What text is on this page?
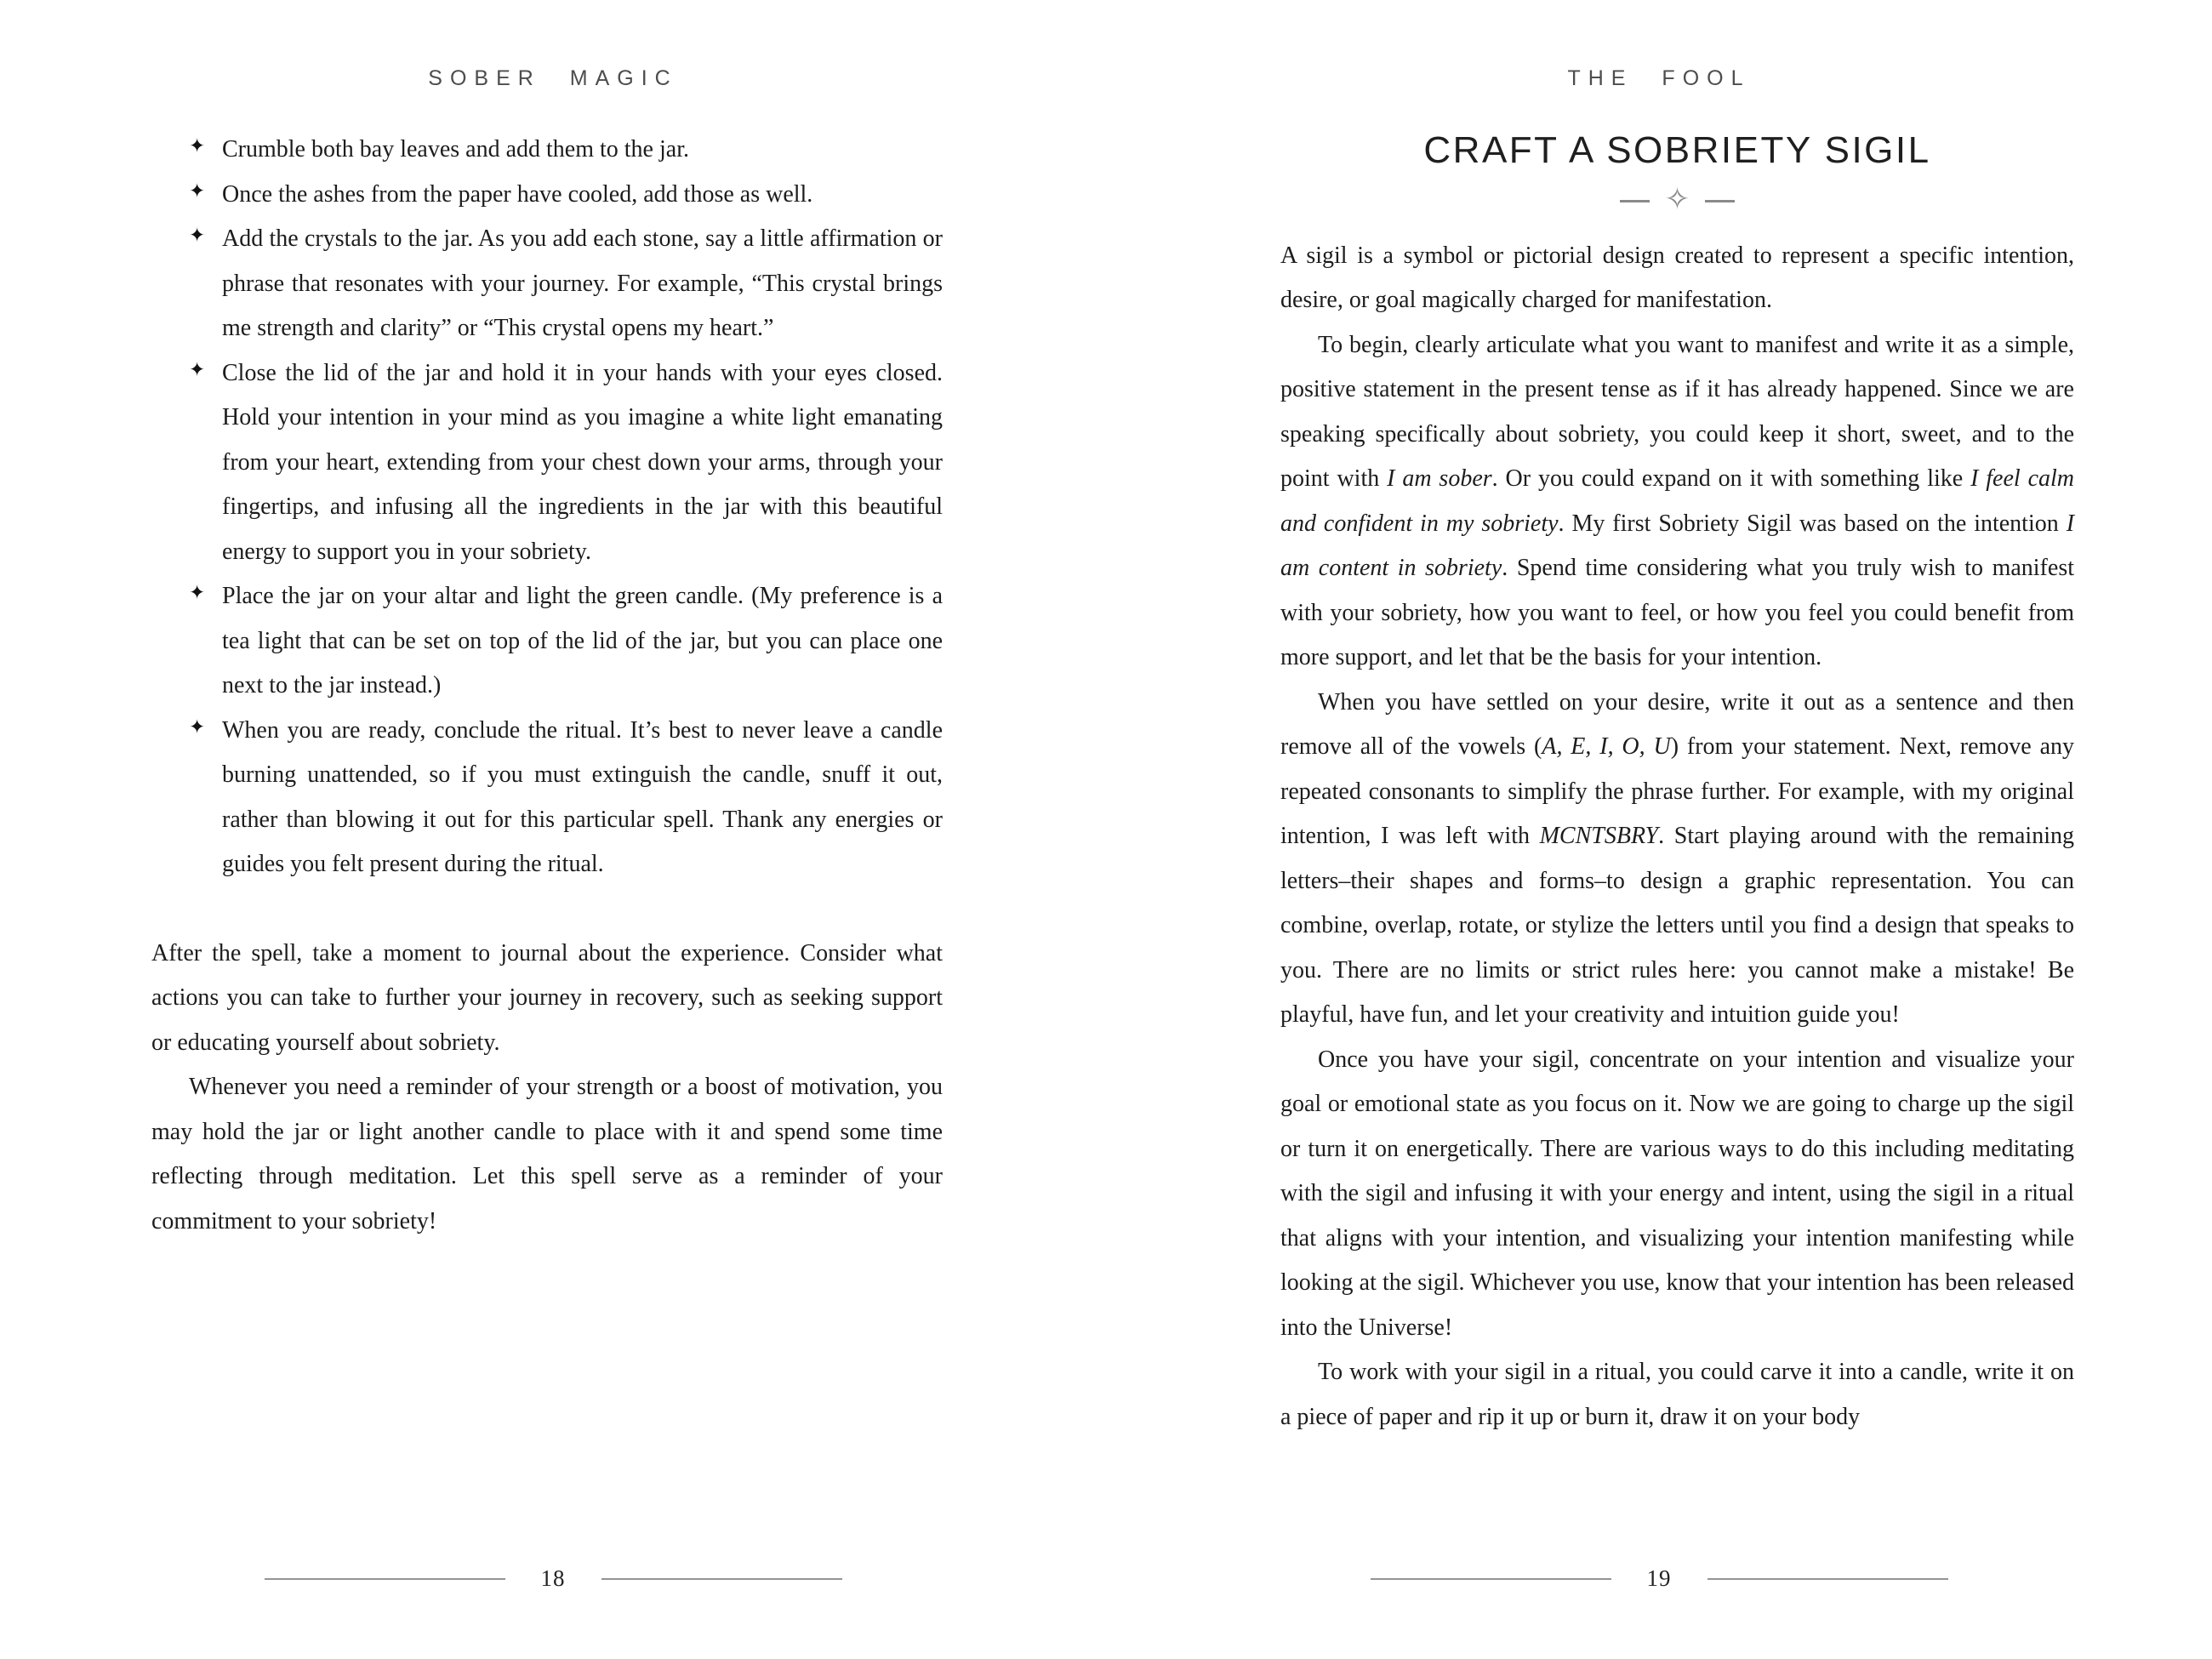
SOBER MAGIC
✦ Crumble both bay leaves and add them to the jar.
✦ Once the ashes from the paper have cooled, add those as well.
✦ Add the crystals to the jar. As you add each stone, say a little affirmation or phrase that resonates with your journey. For example, “This crystal brings me strength and clarity” or “This crystal opens my heart.”
✦ Close the lid of the jar and hold it in your hands with your eyes closed. Hold your intention in your mind as you imagine a white light emanating from your heart, extending from your chest down your arms, through your fingertips, and infusing all the ingredients in the jar with this beautiful energy to support you in your sobriety.
✦ Place the jar on your altar and light the green candle. (My preference is a tea light that can be set on top of the lid of the jar, but you can place one next to the jar instead.)
✦ When you are ready, conclude the ritual. It’s best to never leave a candle burning unattended, so if you must extinguish the candle, snuff it out, rather than blowing it out for this particular spell. Thank any energies or guides you felt present during the ritual.

After the spell, take a moment to journal about the experience. Consider what actions you can take to further your journey in recovery, such as seeking support or educating yourself about sobriety.

Whenever you need a reminder of your strength or a boost of motivation, you may hold the jar or light another candle to place with it and spend some time reflecting through meditation. Let this spell serve as a reminder of your commitment to your sobriety!

18
THE FOOL
CRAFT A SOBRIETY SIGIL
✧

A sigil is a symbol or pictorial design created to represent a specific intention, desire, or goal magically charged for manifestation.

To begin, clearly articulate what you want to manifest and write it as a simple, positive statement in the present tense as if it has already happened. Since we are speaking specifically about sobriety, you could keep it short, sweet, and to the point with I am sober. Or you could expand on it with something like I feel calm and confident in my sobriety. My first Sobriety Sigil was based on the intention I am content in sobriety. Spend time considering what you truly wish to manifest with your sobriety, how you want to feel, or how you feel you could benefit from more support, and let that be the basis for your intention.

When you have settled on your desire, write it out as a sentence and then remove all of the vowels (A, E, I, O, U) from your statement. Next, remove any repeated consonants to simplify the phrase further. For example, with my original intention, I was left with MCNTSBRY. Start playing around with the remaining letters–their shapes and forms–to design a graphic representation. You can combine, overlap, rotate, or stylize the letters until you find a design that speaks to you. There are no limits or strict rules here: you cannot make a mistake! Be playful, have fun, and let your creativity and intuition guide you!

Once you have your sigil, concentrate on your intention and visualize your goal or emotional state as you focus on it. Now we are going to charge up the sigil or turn it on energetically. There are various ways to do this including meditating with the sigil and infusing it with your energy and intent, using the sigil in a ritual that aligns with your intention, and visualizing your intention manifesting while looking at the sigil. Whichever you use, know that your intention has been released into the Universe!

To work with your sigil in a ritual, you could carve it into a candle, write it on a piece of paper and rip it up or burn it, draw it on your body

19
